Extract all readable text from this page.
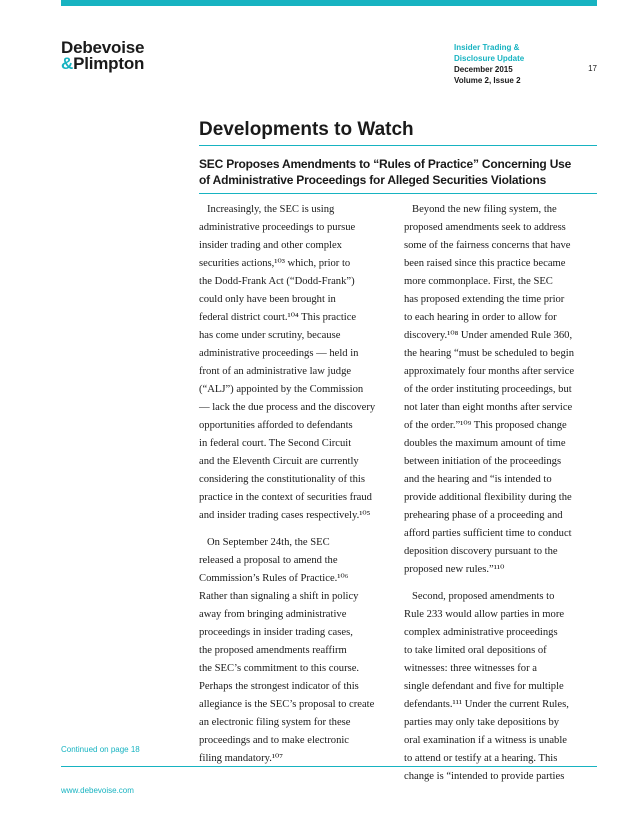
Debevoise
&Plimpton
Insider Trading &
Disclosure Update
December 2015
Volume 2, Issue 2
17
Developments to Watch
SEC Proposes Amendments to “Rules of Practice” Concerning Use
of Administrative Proceedings for Alleged Securities Violations
Increasingly, the SEC is using
administrative proceedings to pursue
insider trading and other complex
securities actions,¹⁰³ which, prior to
the Dodd-Frank Act (“Dodd-Frank”)
could only have been brought in
federal district court.¹⁰⁴ This practice
has come under scrutiny, because
administrative proceedings — held in
front of an administrative law judge
(“ALJ”) appointed by the Commission
— lack the due process and the discovery
opportunities afforded to defendants
in federal court. The Second Circuit
and the Eleventh Circuit are currently
considering the constitutionality of this
practice in the context of securities fraud
and insider trading cases respectively.¹⁰⁵
On September 24th, the SEC
released a proposal to amend the
Commission’s Rules of Practice.¹⁰⁶
Rather than signaling a shift in policy
away from bringing administrative
proceedings in insider trading cases,
the proposed amendments reaffirm
the SEC’s commitment to this course.
Perhaps the strongest indicator of this
allegiance is the SEC’s proposal to create
an electronic filing system for these
proceedings and to make electronic
filing mandatory.¹⁰⁷
Beyond the new filing system, the
proposed amendments seek to address
some of the fairness concerns that have
been raised since this practice became
more commonplace. First, the SEC
has proposed extending the time prior
to each hearing in order to allow for
discovery.¹⁰⁸ Under amended Rule 360,
the hearing “must be scheduled to begin
approximately four months after service
of the order instituting proceedings, but
not later than eight months after service
of the order.”¹⁰⁹ This proposed change
doubles the maximum amount of time
between initiation of the proceedings
and the hearing and “is intended to
provide additional flexibility during the
prehearing phase of a proceeding and
afford parties sufficient time to conduct
deposition discovery pursuant to the
proposed new rules.”¹¹⁰
Second, proposed amendments to
Rule 233 would allow parties in more
complex administrative proceedings
to take limited oral depositions of
witnesses: three witnesses for a
single defendant and five for multiple
defendants.¹¹¹ Under the current Rules,
parties may only take depositions by
oral examination if a witness is unable
to attend or testify at a hearing. This
change is “intended to provide parties
Continued on page 18
www.debevoise.com
